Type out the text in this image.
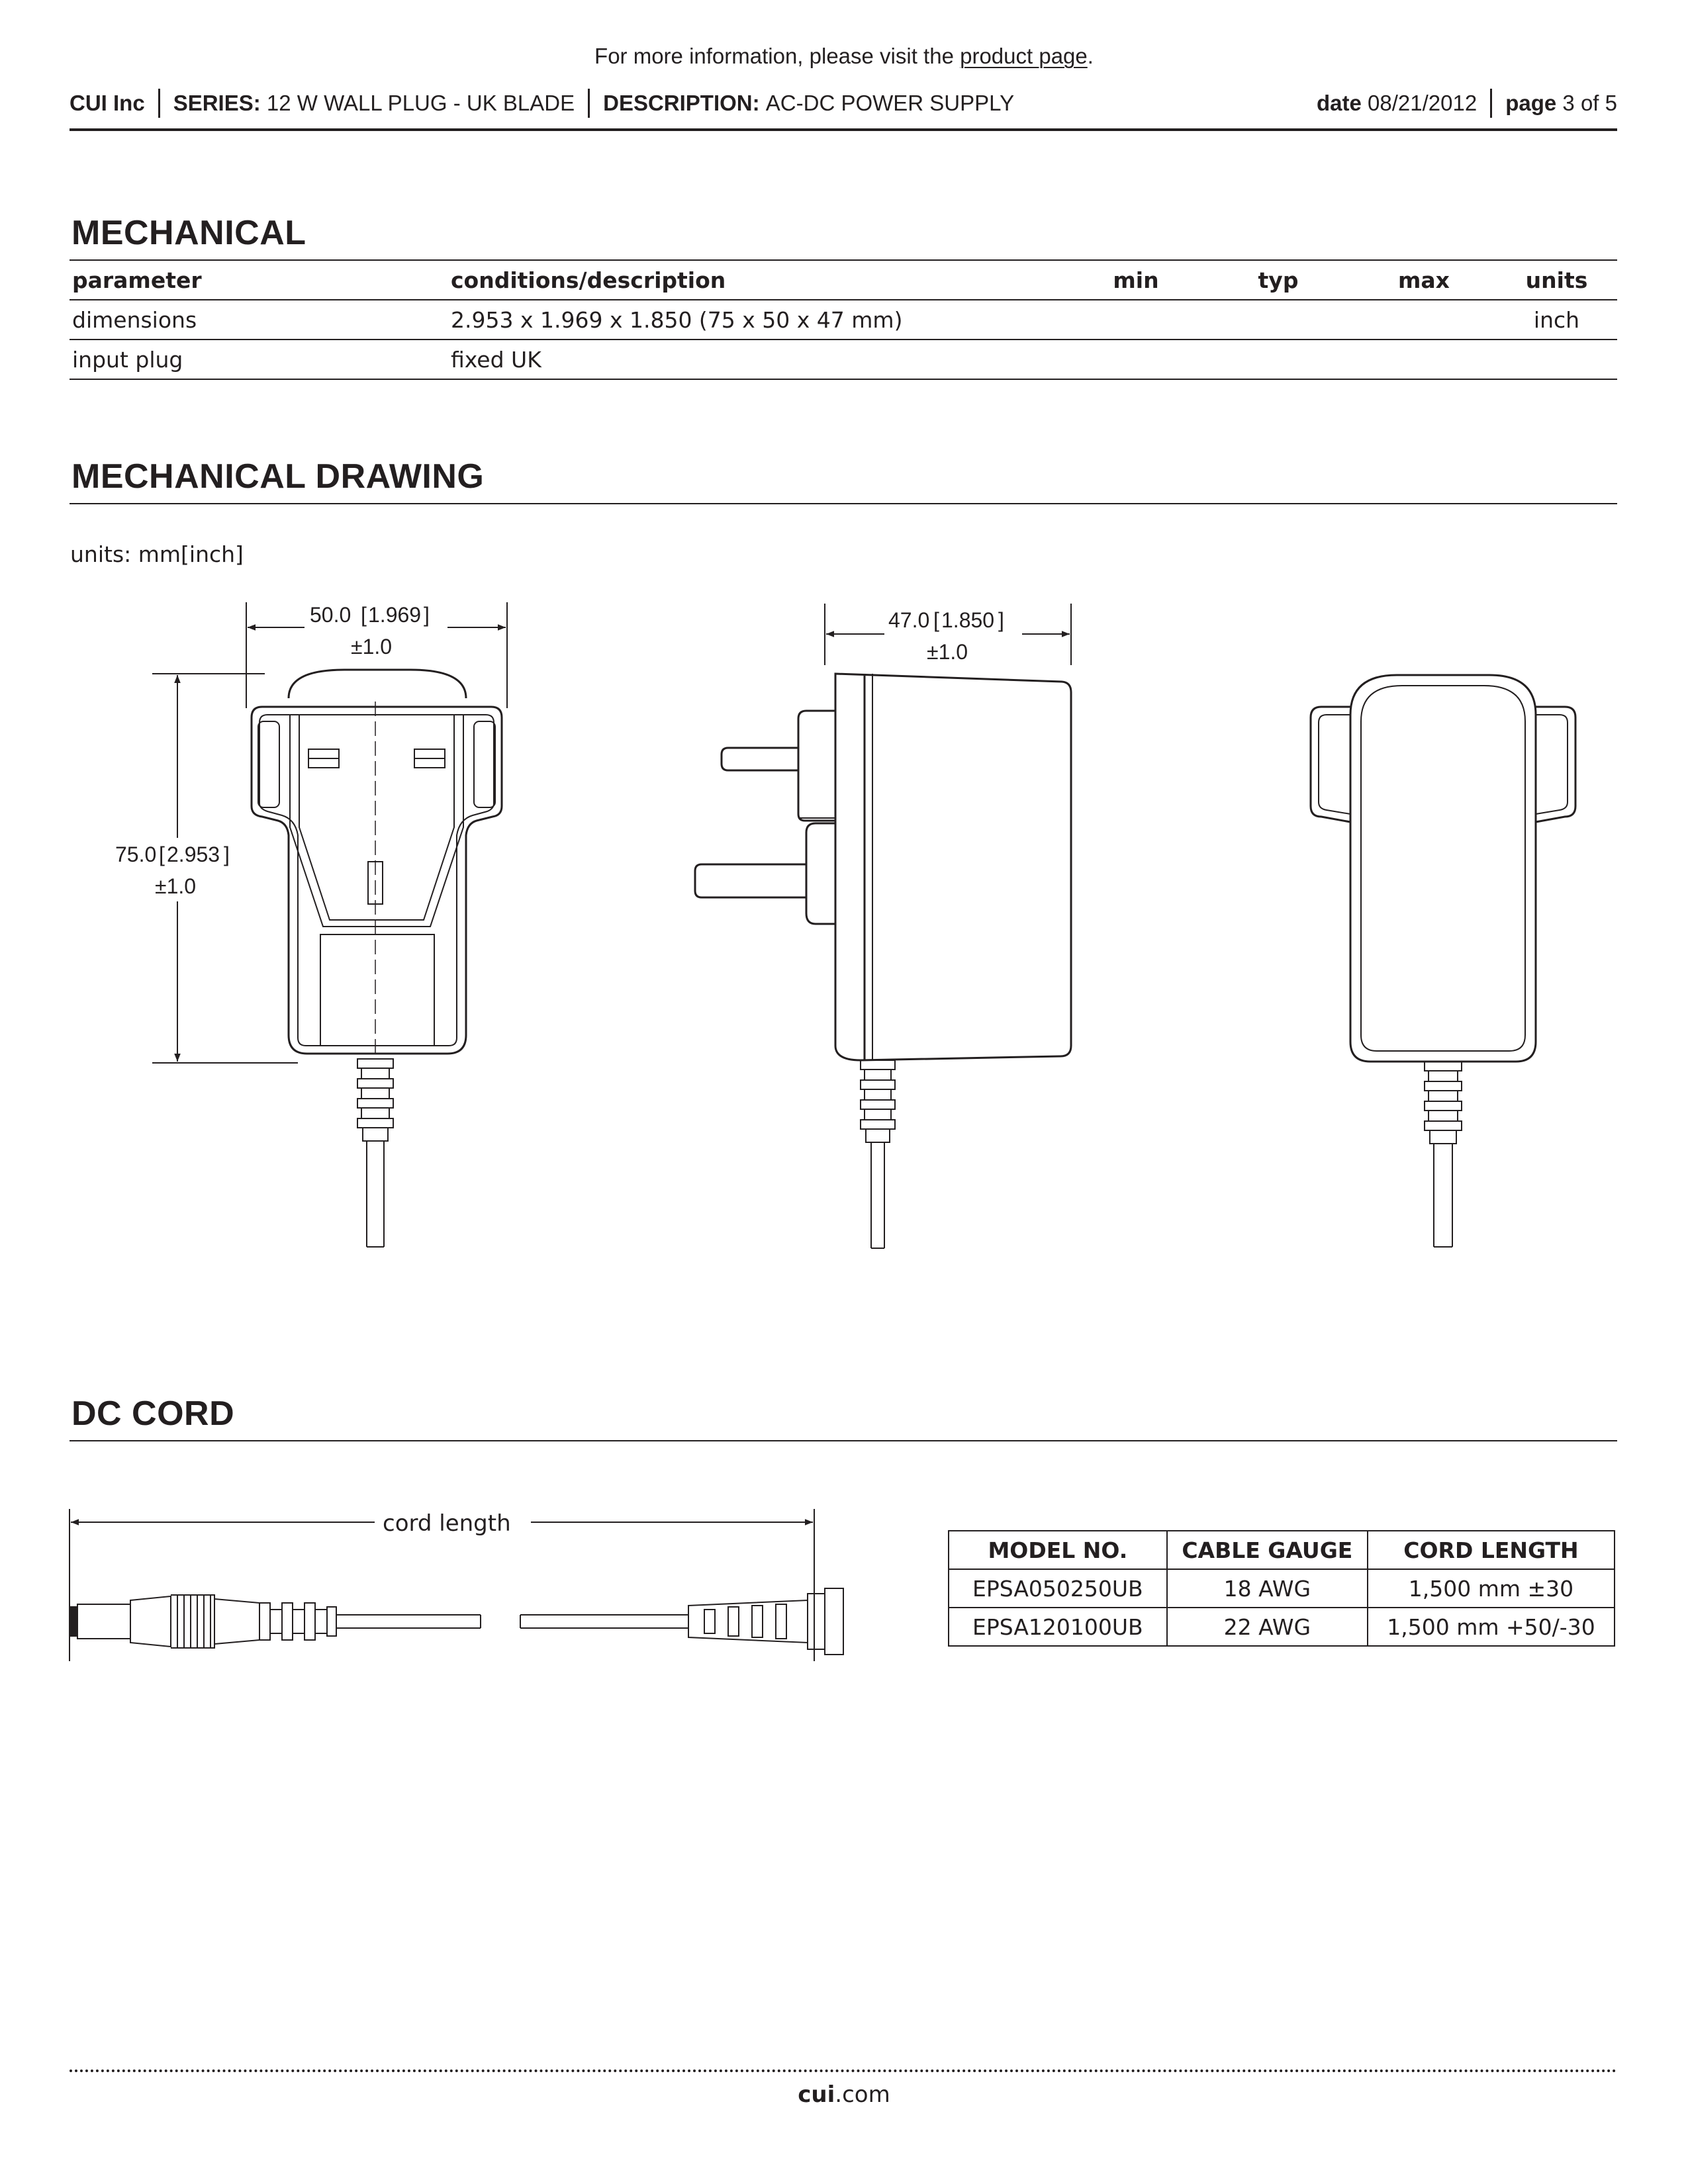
For more information, please visit the product page.
CUI Inc SERIES:
12 W WALL PLUG - UK BLADE DESCRIPTION:
AC-DC POWER SUPPLY	date
08/21/2012 page
3 of 5
MECHANICAL
parameter	conditions/description	min	typ	max	units
dimensions	2.953 x 1.969 x 1.850 (75 x 50 x 47 mm)				inch
input plug	fixed UK				
MECHANICAL DRAWING
units: mm[inch]
50.0 [ 1.969 ]
±1.0
75.0 [ 2.953 ]
±1.0
47.0 [ 1.850 ]
±1.0
cord length
DC CORD
MODEL NO.	CABLE GAUGE	CORD LENGTH
EPSA050250UB	18 AWG	1,500 mm ±30
EPSA120100UB	22 AWG	1,500 mm +50/-30
cui.com
